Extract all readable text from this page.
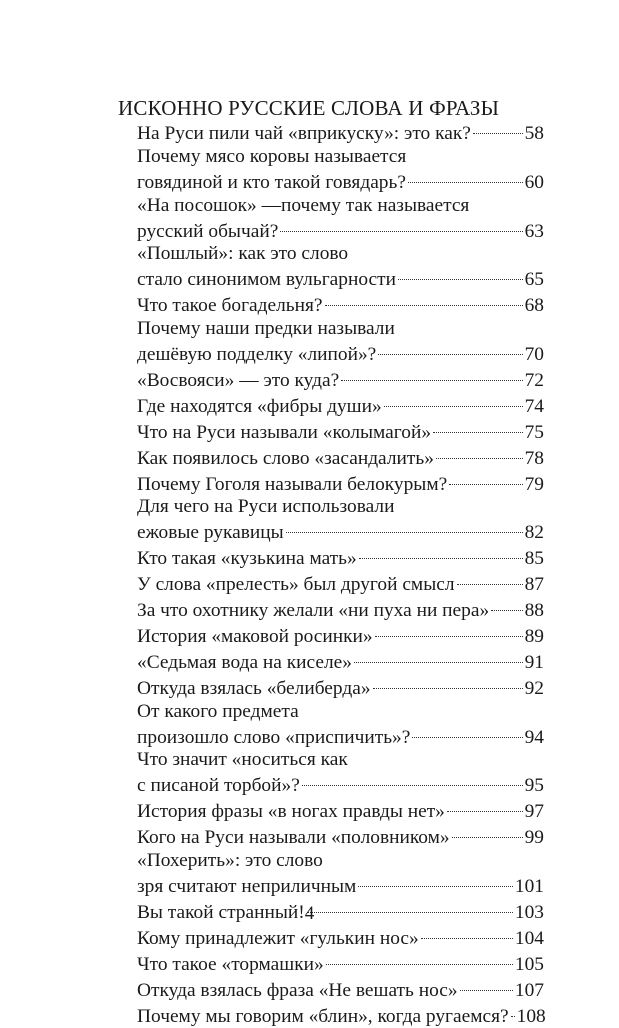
ИСКОННО РУССКИЕ СЛОВА И ФРАЗЫ
На Руси пили чай «вприкуску»: это как?	58
Почему мясо коровы называется
говядиной и кто такой говядарь?	60
«На посошок» —почему так называется
русский обычай?	63
«Пошлый»: как это слово
стало синонимом вульгарности	65
Что такое богадельня?	68
Почему наши предки называли
дешёвую подделку «липой»?	70
«Восвояси» — это куда?	72
Где находятся «фибры души»	74
Что на Руси называли «колымагой»	75
Как появилось слово «засандалить»	78
Почему Гоголя называли белокурым?	79
Для чего на Руси использовали
ежовые рукавицы	82
Кто такая «кузькина мать»	85
У слова «прелесть» был другой смысл	87
За что охотнику желали «ни пуха ни пера» 88
История «маковой росинки»	89
«Седьмая вода на киселе»	91
Откуда взялась «белиберда»	92
От какого предмета
произошло слово «приспичить»?	94
Что значит «носиться как
с писаной торбой»?	95
История фразы «в ногах правды нет»	97
Кого на Руси называли «половником»	99
«Похерить»: это слово
зря считают неприличным	101
Вы такой странный!	103
Кому принадлежит «гулькин нос»	104
Что такое «тормашки»	105
Откуда взялась фраза «Не вешать нос»	107
Почему мы говорим «блин», когда ругаемся? 108
4
